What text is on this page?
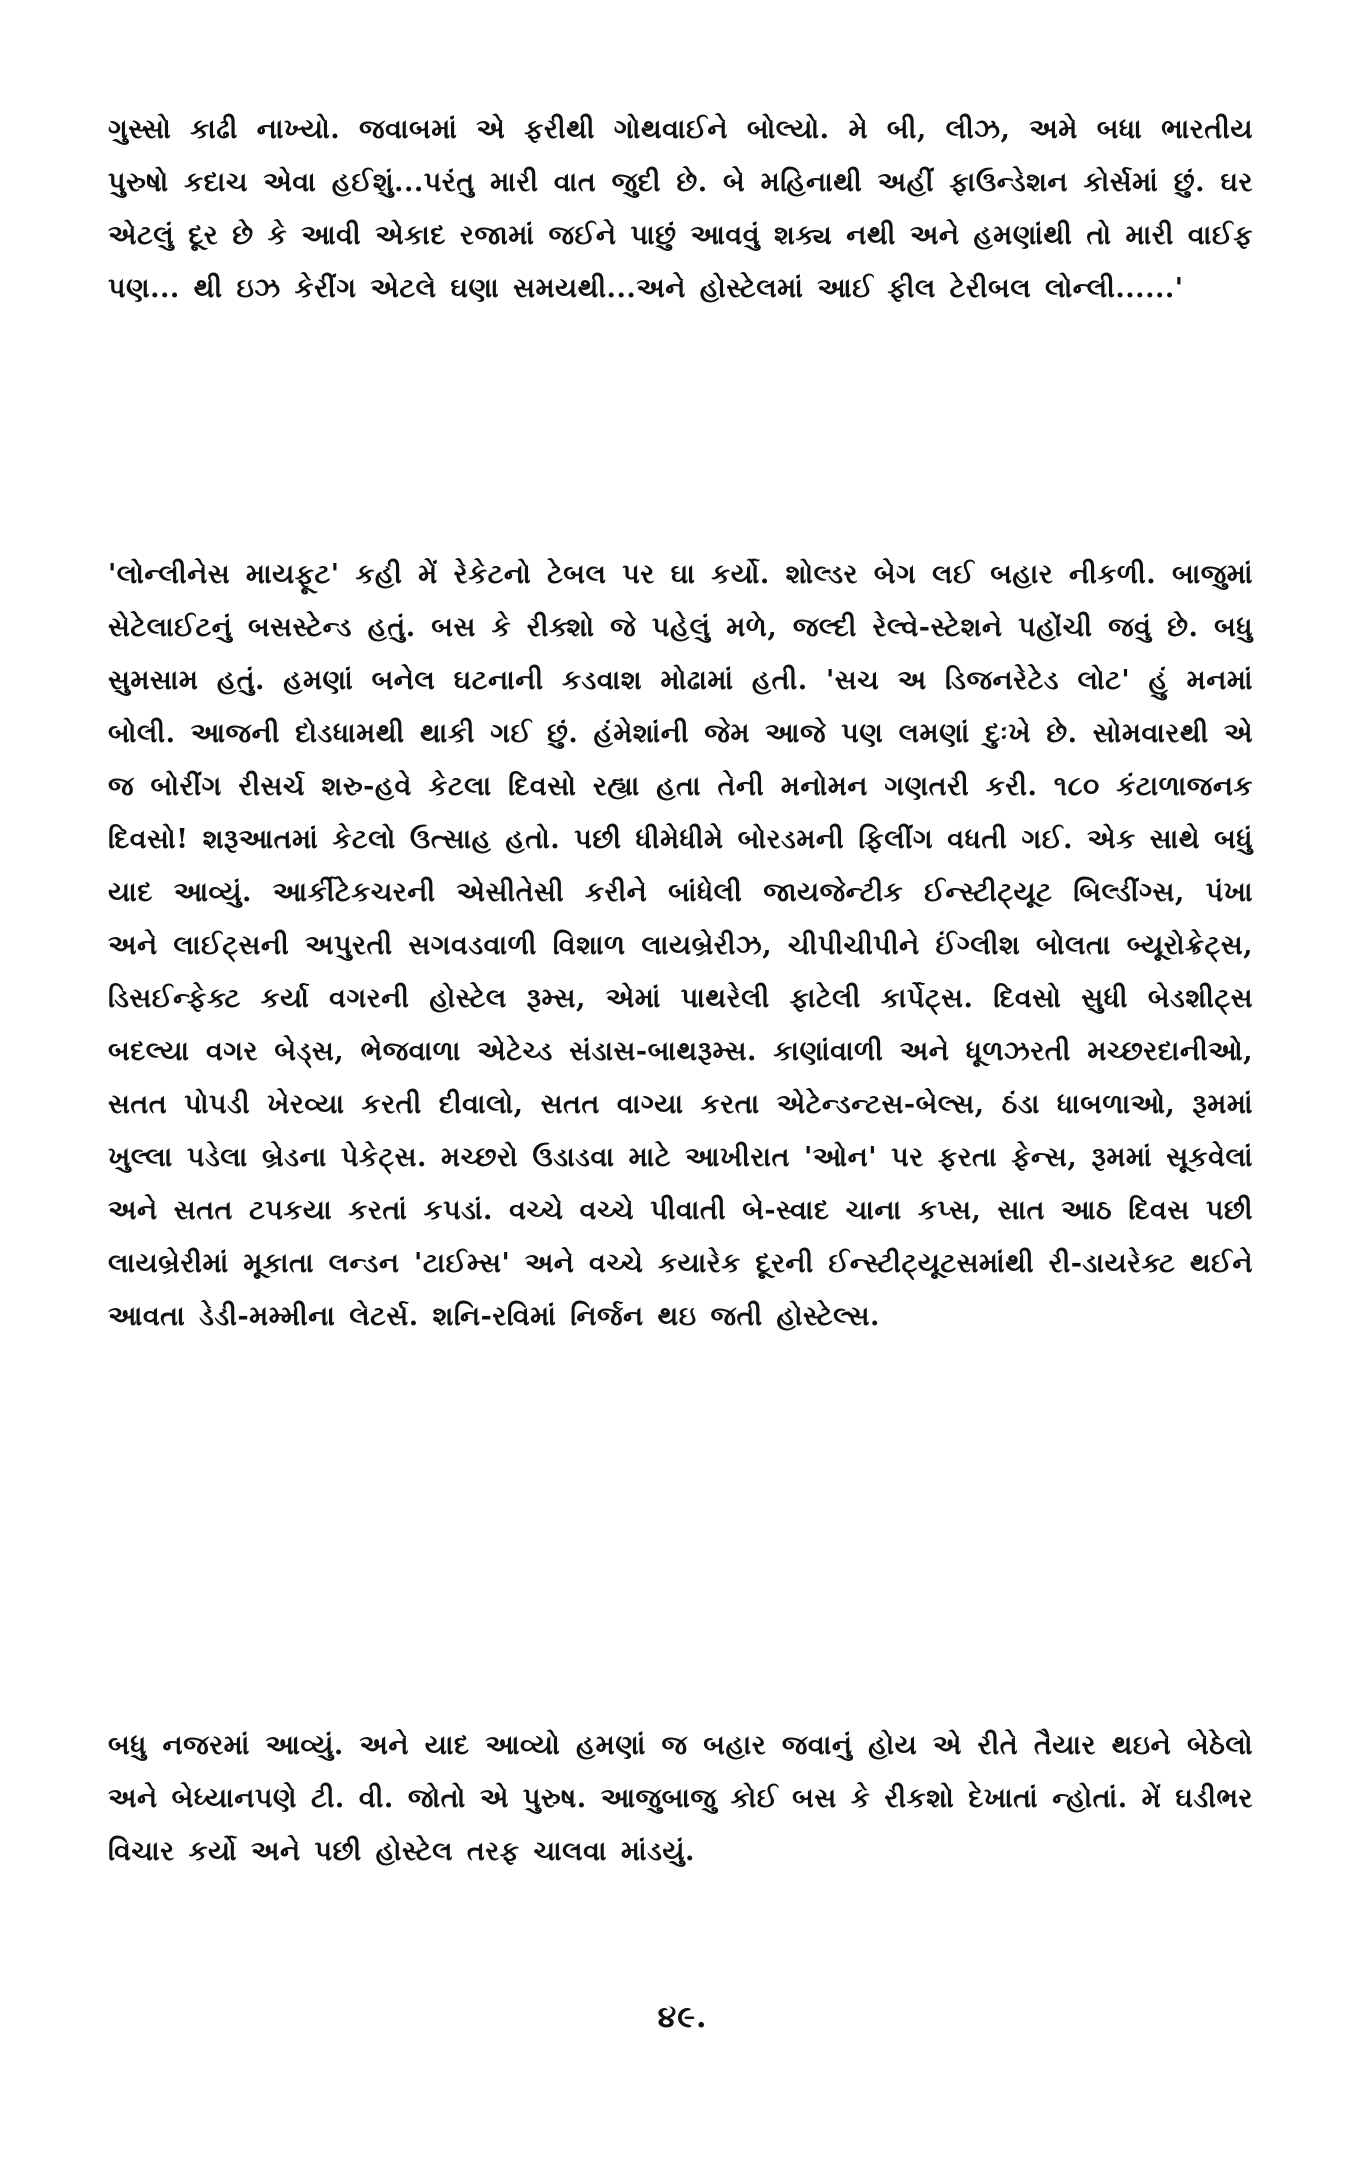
ગુસ્સો કાઢી નાખ્યો. જવાબમાં એ ફરીથી ગોથવાઈને બોલ્યો. મે બી, લીઝ, અમે બધા ભારતીય પુરુષો કદાચ એવા હઈશું...પરંતુ મારી વાત જુદી છે. બે મહિનાથી અહીં ફાઉન્ડેશન કોર્સમાં છું. ઘર એટલું દૂર છે કે આવી એકાદ રજામાં જઈને પાછું આવવું શક્ય નથી અને હમણાંથી તો મારી વાઈફ પણ... થી ઇઝ કેરીંગ એટલે ઘણા સમયથી...અને હોસ્ટેલમાં આઈ ફીલ ટેરીબલ લોન્લી......'

'લોન્લીનેસ માયફૂટ' કહી મેં રેકેટનો ટેબલ પર ઘા કર્યો. શોલ્ડર બેગ લઈ બહાર નીકળી. બાજુમાં સેટેલાઈટનું બસસ્ટેન્ડ હતું. બસ કે રીક્શો જે પહેલું મળે, જલ્દી રેલ્વે-સ્ટેશને પહોંચી જવું છે. બધુ સુમસામ હતું. હમણાં બનેલ ઘટનાની કડવાશ મોઢામાં હતી. 'સચ અ ડિજનરેટેડ લોટ' હું મનમાં બોલી. આજની દોડધામથી થાકી ગઈ છું. હંમેશાંની જેમ આજે પણ લમણાં દુઃખે છે. સોમવારથી એ જ બોરીંગ રીસર્ચ શરુ-હવે કેટલા દિવસો રહ્યા હતા તેની મનોમન ગણતરી કરી. ૧૮૦ કંટાળાજનક દિવસો! શરૂઆતમાં કેટલો ઉત્સાહ હતો. પછી ધીમેધીમે બોરડમની ફિલીંગ વધતી ગઈ. એક સાથે બધું યાદ આવ્યું. આર્કીટેકચરની એસીતેસી કરીને બાંધેલી જાયજેન્ટીક ઈન્સ્ટીટ્યૂટ બિલ્ડીંગ્સ, પંખા અને લાઈટ્સની અપુરતી સગવડવાળી વિશાળ લાયબ્રેરીઝ, ચીપીચીપીને ઈંગ્લીશ બોલતા બ્યૂરોક્રેટ્સ, ડિસઈન્ફેક્ટ કર્યા વગરની હોસ્ટેલ રૂમ્સ, એમાં પાથરેલી ફાટેલી કાર્પેટ્સ. દિવસો સુધી બેડશીટ્સ બદલ્યા વગર બેડ્સ, ભેજવાળા એટેચ્ડ સંડાસ-બાથરૂમ્સ. કાણાંવાળી અને ધૂળઝરતી મચ્છરદાનીઓ, સતત પોપડી ખેરવ્યા કરતી દીવાલો, સતત વાગ્યા કરતા એટેન્ડન્ટસ-બેલ્સ, ઠંડા ધાબળાઓ, રૂમમાં ખુલ્લા પડેલા બ્રેડના પેકેટ્સ. મચ્છરો ઉડાડવા માટે આખીરાત 'ઓન' પર ફરતા ફેન્સ, રૂમમાં સૂકવેલાં અને સતત ટપકયા કરતાં કપડાં. વચ્ચે વચ્ચે પીવાતી બે-સ્વાદ ચાના કપ્સ, સાત આઠ દિવસ પછી લાયબ્રેરીમાં મૂકાતા લન્ડન 'ટાઈમ્સ' અને વચ્ચે કયારેક દૂરની ઈન્સ્ટીટ્યૂટસમાંથી રી-ડાયરેક્ટ થઈને આવતા ડેડી-મમ્મીના લેટર્સ. શનિ-રવિમાં નિર્જન થઇ જતી હોસ્ટેલ્સ.

બધુ નજરમાં આવ્યું. અને યાદ આવ્યો હમણાં જ બહાર જવાનું હોય એ રીતે તૈયાર થઇને બેઠેલો અને બેધ્યાનપણે ટી. વી. જોતો એ પુરુષ. આજુબાજુ કોઈ બસ કે રીકશો દેખાતાં ન્હોતાં. મેં ઘડીભર વિચાર કર્યો અને પછી હોસ્ટેલ તરફ ચાલવા માંડયું.

૪૯.
